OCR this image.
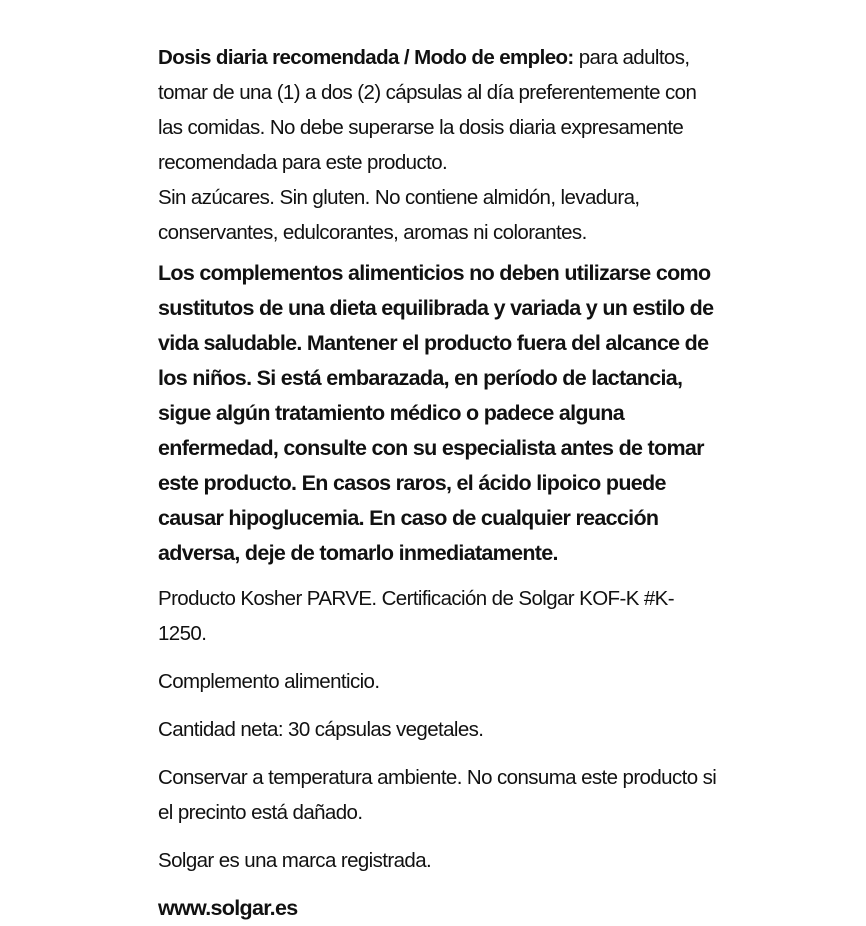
Dosis diaria recomendada / Modo de empleo: para adultos, tomar de una (1) a dos (2) cápsulas al día preferentemente con las comidas. No debe superarse la dosis diaria expresamente recomendada para este producto.

Sin azúcares. Sin gluten. No contiene almidón, levadura, conservantes, edulcorantes, aromas ni colorantes.

Los complementos alimenticios no deben utilizarse como sustitutos de una dieta equilibrada y variada y un estilo de vida saludable. Mantener el producto fuera del alcance de los niños. Si está embarazada, en período de lactancia, sigue algún tratamiento médico o padece alguna enfermedad, consulte con su especialista antes de tomar este producto. En casos raros, el ácido lipoico puede causar hipoglucemia. En caso de cualquier reacción adversa, deje de tomarlo inmediatamente.

Producto Kosher PARVE. Certificación de Solgar KOF-K #K-1250.

Complemento alimenticio.

Cantidad neta: 30 cápsulas vegetales.

Conservar a temperatura ambiente. No consuma este producto si el precinto está dañado.

Solgar es una marca registrada.

www.solgar.es
